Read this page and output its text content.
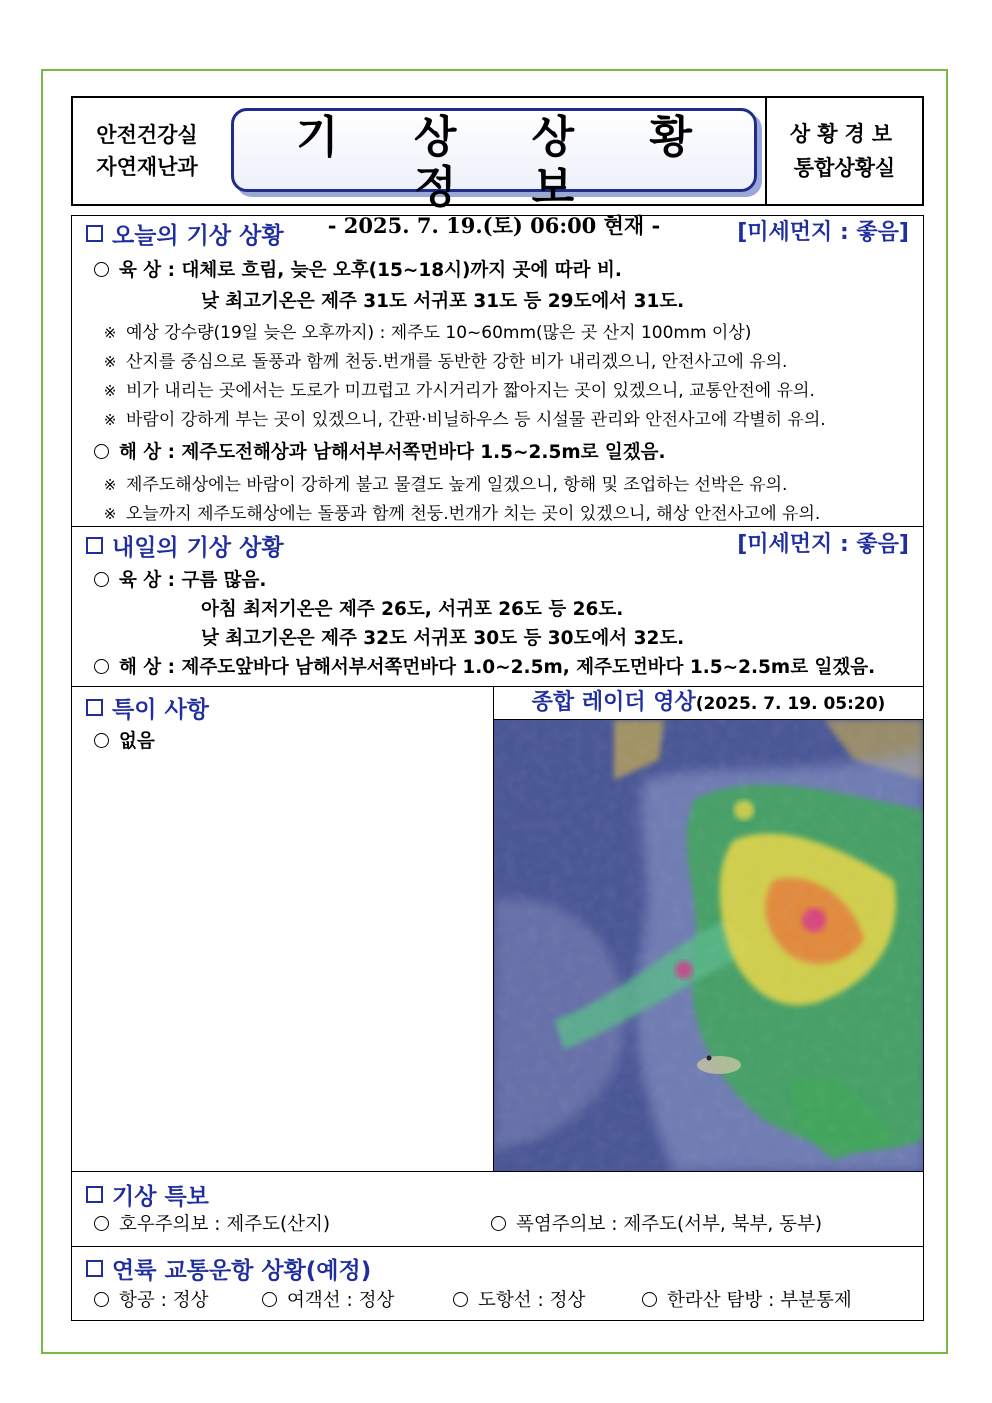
안전건강실
자연재난과
기 상 상 황 정 보
- 2025. 7. 19.(토) 06:00 현재 -
상황경보
통합상황실
오늘의 기상 상황	[미세먼지 : 좋음]
육 상 : 대체로 흐림, 늦은 오후(15~18시)까지 곳에 따라 비.
낮 최고기온은 제주 31도 서귀포 31도 등 29도에서 31도.
※ 예상 강수량(19일 늦은 오후까지) : 제주도 10~60mm(많은 곳 산지 100mm 이상)
※ 산지를 중심으로 돌풍과 함께 천둥.번개를 동반한 강한 비가 내리겠으니, 안전사고에 유의.
※ 비가 내리는 곳에서는 도로가 미끄럽고 가시거리가 짧아지는 곳이 있겠으니, 교통안전에 유의.
※ 바람이 강하게 부는 곳이 있겠으니, 간판·비닐하우스 등 시설물 관리와 안전사고에 각별히 유의.
해 상 : 제주도전해상과 남해서부서쪽먼바다 1.5~2.5m로 일겠음.
※ 제주도해상에는 바람이 강하게 불고 물결도 높게 일겠으니, 항해 및 조업하는 선박은 유의.
※ 오늘까지 제주도해상에는 돌풍과 함께 천둥.번개가 치는 곳이 있겠으니, 해상 안전사고에 유의.
내일의 기상 상황	[미세먼지 : 좋음]
육 상 : 구름 많음.
아침 최저기온은 제주 26도, 서귀포 26도 등 26도.
낮 최고기온은 제주 32도 서귀포 30도 등 30도에서 32도.
해 상 : 제주도앞바다 남해서부서쪽먼바다 1.0~2.5m, 제주도먼바다 1.5~2.5m로 일겠음.
특이 사항
없음
종합 레이더 영상(2025. 7. 19. 05:20)
기상 특보
호우주의보 : 제주도(산지)	폭염주의보 : 제주도(서부, 북부, 동부)
연륙 교통운항 상황(예정)
항공 : 정상	여객선 : 정상	도항선 : 정상	한라산 탐방 : 부분통제
